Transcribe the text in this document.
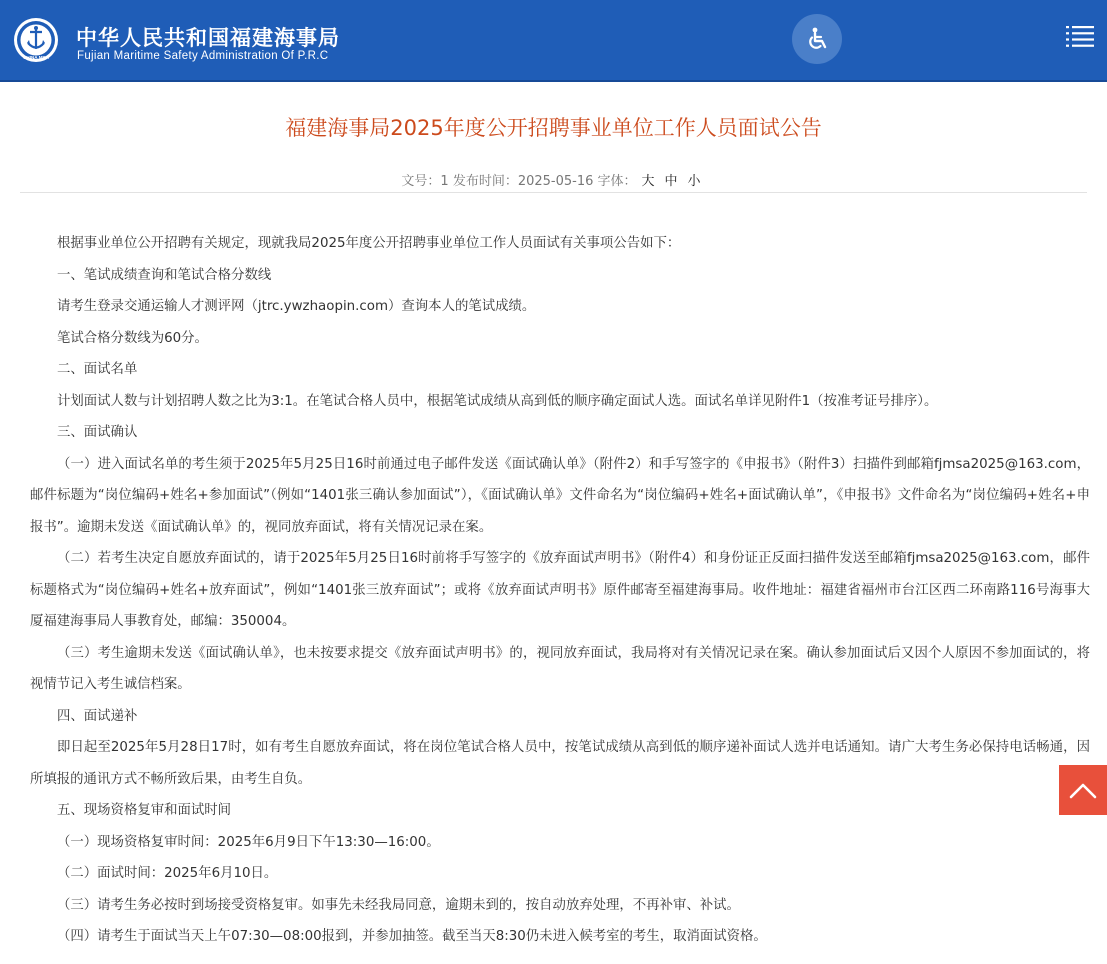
CHINA MSA
中华人民共和国福建海事局
Fujian Maritime Safety Administration Of P.R.C
福建海事局2025年度公开招聘事业单位工作人员面试公告
文号：1 发布时间：2025-05-16 字体： 大 中 小

根据事业单位公开招聘有关规定，现就我局2025年度公开招聘事业单位工作人员面试有关事项公告如下：

一、笔试成绩查询和笔试合格分数线

请考生登录交通运输人才测评网（jtrc.ywzhaopin.com）查询本人的笔试成绩。

笔试合格分数线为60分。

二、面试名单

计划面试人数与计划招聘人数之比为3:1。在笔试合格人员中，根据笔试成绩从高到低的顺序确定面试人选。面试名单详见附件1（按准考证号排序）。

三、面试确认

（一）进入面试名单的考生须于2025年5月25日16时前通过电子邮件发送《面试确认单》（附件2）和手写签字的《申报书》（附件3）扫描件到邮箱fjmsa2025@163.com，邮件标题为“岗位编码+姓名+参加面试”（例如“1401张三确认参加面试”），《面试确认单》文件命名为“岗位编码+姓名+面试确认单”，《申报书》文件命名为“岗位编码+姓名+申报书”。逾期未发送《面试确认单》的，视同放弃面试，将有关情况记录在案。

（二）若考生决定自愿放弃面试的，请于2025年5月25日16时前将手写签字的《放弃面试声明书》（附件4）和身份证正反面扫描件发送至邮箱fjmsa2025@163.com，邮件标题格式为“岗位编码+姓名+放弃面试”，例如“1401张三放弃面试”；或将《放弃面试声明书》原件邮寄至福建海事局。收件地址：福建省福州市台江区西二环南路116号海事大厦福建海事局人事教育处，邮编：350004。

（三）考生逾期未发送《面试确认单》，也未按要求提交《放弃面试声明书》的，视同放弃面试，我局将对有关情况记录在案。确认参加面试后又因个人原因不参加面试的，将视情节记入考生诚信档案。

四、面试递补

即日起至2025年5月28日17时，如有考生自愿放弃面试，将在岗位笔试合格人员中，按笔试成绩从高到低的顺序递补面试人选并电话通知。请广大考生务必保持电话畅通，因所填报的通讯方式不畅所致后果，由考生自负。

五、现场资格复审和面试时间

（一）现场资格复审时间：2025年6月9日下午13:30—16:00。

（二）面试时间：2025年6月10日。

（三）请考生务必按时到场接受资格复审。如事先未经我局同意，逾期未到的，按自动放弃处理，不再补审、补试。

（四）请考生于面试当天上午07:30—08:00报到，并参加抽签。截至当天8:30仍未进入候考室的考生，取消面试资格。
